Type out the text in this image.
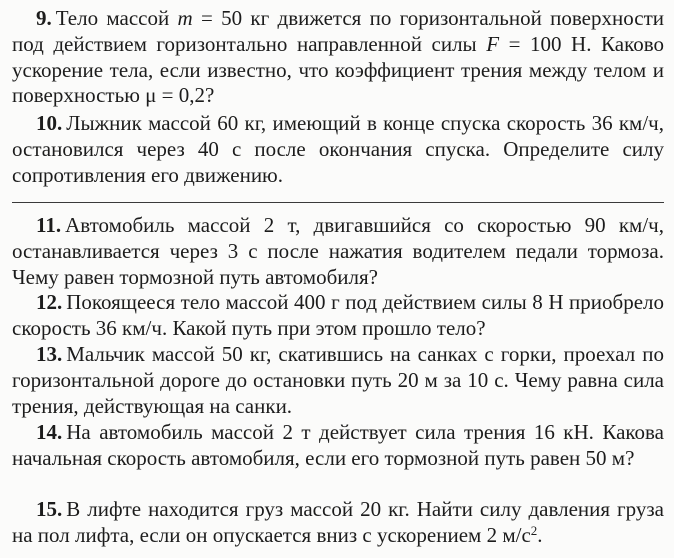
9. Тело массой m = 50 кг движется по горизонтальной поверхности под действием горизонтально направленной силы F = 100 Н. Каково ускорение тела, если известно, что коэффициент трения между телом и поверхностью μ = 0,2?
10. Лыжник массой 60 кг, имеющий в конце спуска скорость 36 км/ч, остановился через 40 с после окончания спуска. Определите силу сопротивления его движению.
11. Автомобиль массой 2 т, двигавшийся со скоростью 90 км/ч, останавливается через 3 с после нажатия водителем педали тормоза. Чему равен тормозной путь автомобиля?
12. Покоящееся тело массой 400 г под действием силы 8 Н приобрело скорость 36 км/ч. Какой путь при этом прошло тело?
13. Мальчик массой 50 кг, скатившись на санках с горки, проехал по горизонтальной дороге до остановки путь 20 м за 10 с. Чему равна сила трения, действующая на санки.
14. На автомобиль массой 2 т действует сила трения 16 кН. Какова начальная скорость автомобиля, если его тормозной путь равен 50 м?
15. В лифте находится груз массой 20 кг. Найти силу давления груза на пол лифта, если он опускается вниз с ускорением 2 $м/с^2$.
